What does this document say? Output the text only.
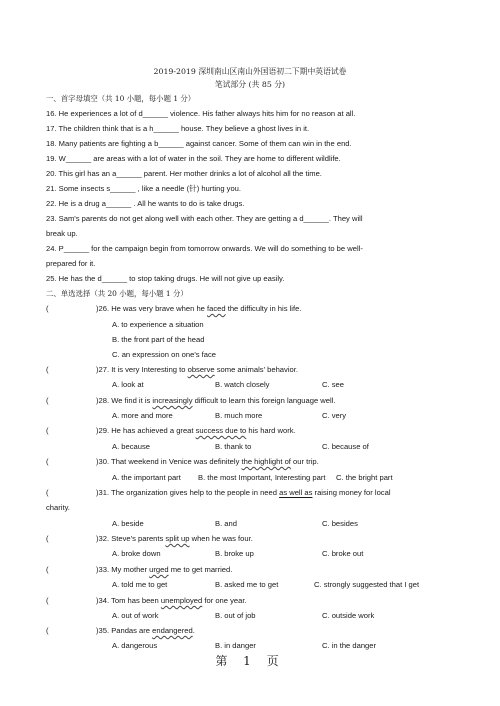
2019-2019 深圳南山区南山外国语初二下期中英语试卷
笔试部分 (共 85 分)
一、首字母填空（共 10 小题，每小题 1 分）
16. He experiences a lot of d______ violence. His father always hits him for no reason at all.
17. The children think that is a h______ house. They believe a ghost lives in it.
18. Many patients are fighting a b______ against cancer. Some of them can win in the end.
19. W______ are areas with a lot of water in the soil. They are home to different wildlife.
20. This girl has an a______ parent. Her mother drinks a lot of alcohol all the time.
21. Some insects s______ , like a needle (针) hurting you.
22. He is a drug a______ . All he wants to do is take drugs.
23. Sam's parents do not get along well with each other. They are getting a d______. They will
break up.
24. P______ for the campaign begin from tomorrow onwards. We will do something to be well-
prepared for it.
25. He has the d______ to stop taking drugs. He will not give up easily.
二、单选选择（共 20 小题，每小题 1 分）
(	)26. He was very brave when he faced the difficulty in his life.
A. to experience a situation
B. the front part of the head
C. an expression on one's face
(	)27. It is very Interesting to observe some animals' behavior.
A. look at	B. watch closely	C. see
(	)28. We find it is increasingly difficult to learn this foreign language well.
A. more and more	B. much more	C. very
(	)29. He has achieved a great success due to his hard work.
A. because	B. thank to	C. because of
(	)30. That weekend in Venice was definitely the highlight of our trip.
A. the important part B. the most Important, Interesting part C. the bright part
(	)31. The organization gives help to the people in need as well as raising money for local
charity.
A. beside	B. and	C. besides
(	)32. Steve's parents split up when he was four.
A. broke down	B. broke up	C. broke out
(	)33. My mother urged me to get married.
A. told me to get	B. asked me to get	C. strongly suggested that I get
(	)34. Tom has been unemployed for one year.
A. out of work	B. out of job	C. outside work
(	)35. Pandas are endangered.
A. dangerous	B. in danger	C. in the danger
第 1 页
